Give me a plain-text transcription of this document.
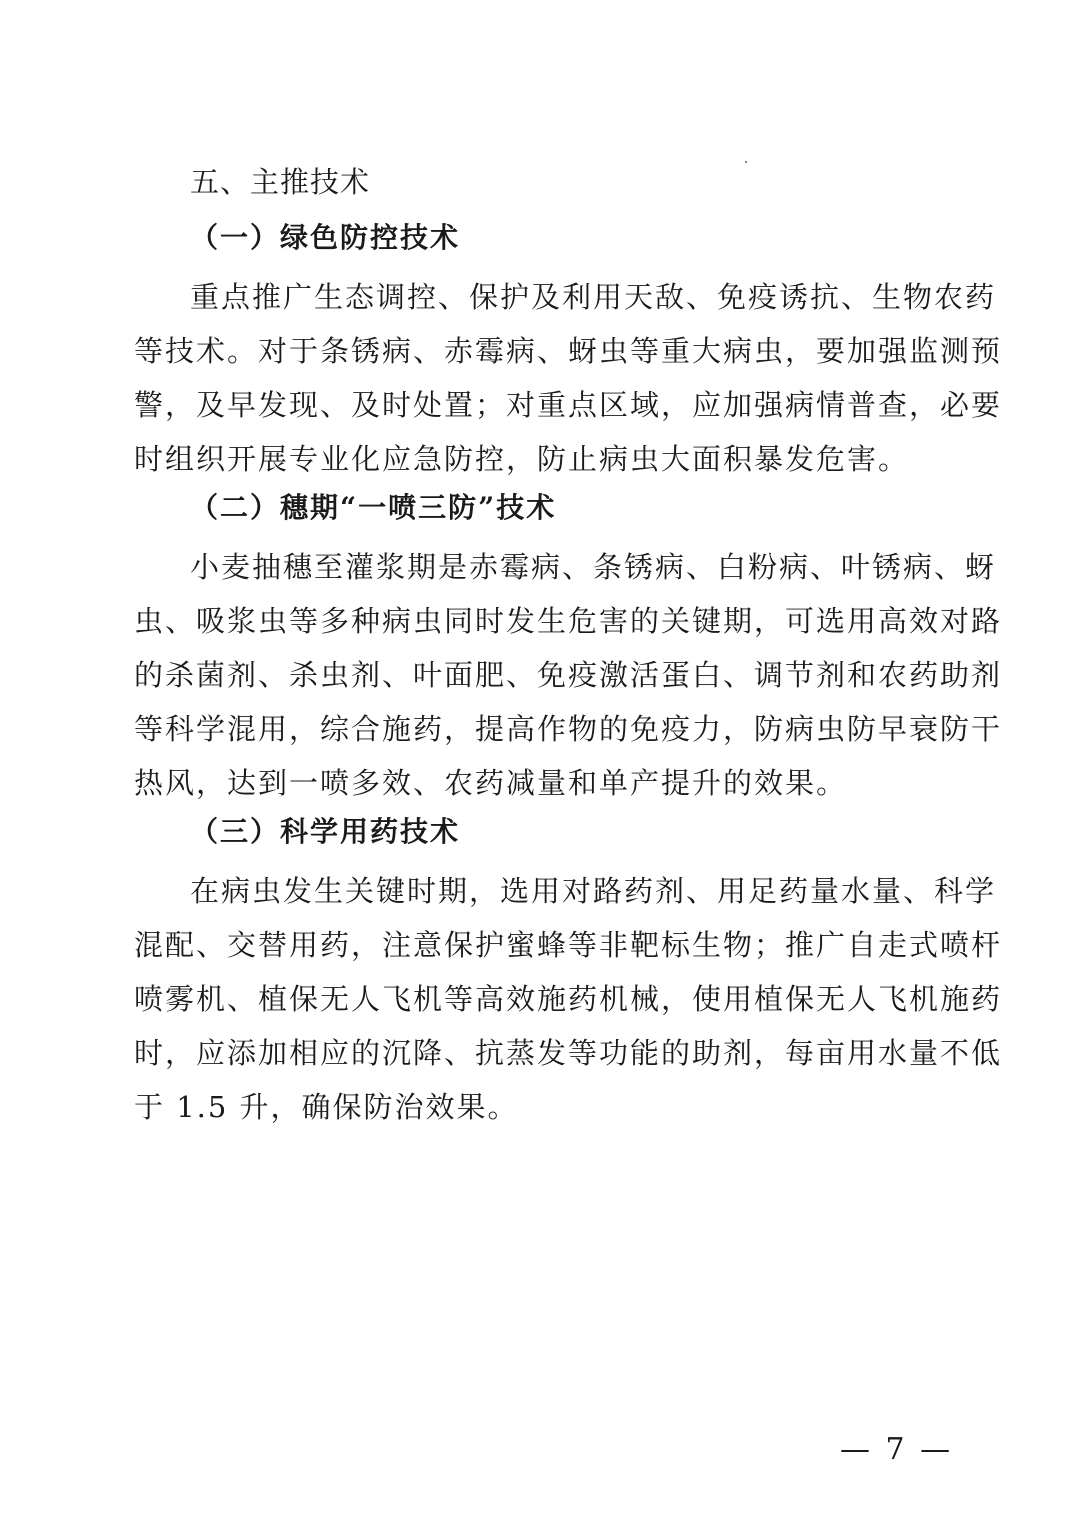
五、主推技术
（一）绿色防控技术
重点推广生态调控、保护及利用天敌、免疫诱抗、生物农药
等技术。对于条锈病、赤霉病、蚜虫等重大病虫，要加强监测预
警，及早发现、及时处置；对重点区域，应加强病情普查，必要
时组织开展专业化应急防控，防止病虫大面积暴发危害。
（二）穗期“一喷三防”技术
小麦抽穗至灌浆期是赤霉病、条锈病、白粉病、叶锈病、蚜
虫、吸浆虫等多种病虫同时发生危害的关键期，可选用高效对路
的杀菌剂、杀虫剂、叶面肥、免疫激活蛋白、调节剂和农药助剂
等科学混用，综合施药，提高作物的免疫力，防病虫防早衰防干
热风，达到一喷多效、农药减量和单产提升的效果。
（三）科学用药技术
在病虫发生关键时期，选用对路药剂、用足药量水量、科学
混配、交替用药，注意保护蜜蜂等非靶标生物；推广自走式喷杆
喷雾机、植保无人飞机等高效施药机械，使用植保无人飞机施药
时，应添加相应的沉降、抗蒸发等功能的助剂，每亩用水量不低
于 1.5 升，确保防治效果。
— 7 —
